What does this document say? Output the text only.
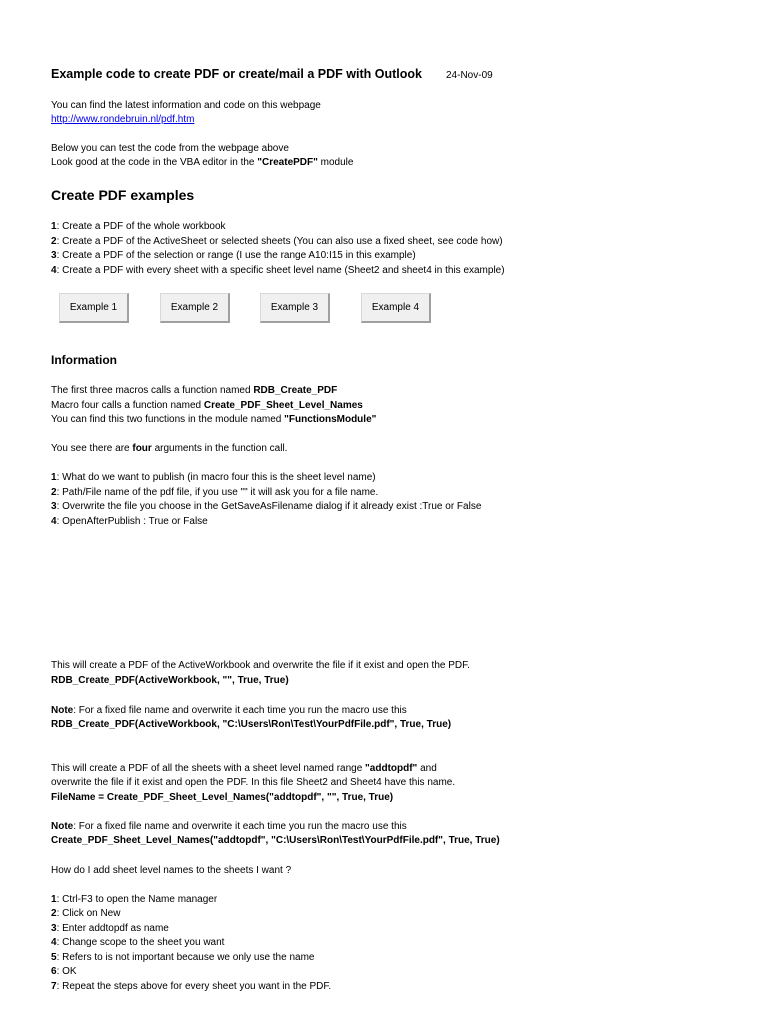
Example code to create PDF or create/mail a PDF with Outlook 24-Nov-09
You can find the latest information and code on this webpage
http://www.rondebruin.nl/pdf.htm
Below you can test the code from the webpage above
Look good at the code in the VBA editor in the "CreatePDF" module
Create PDF examples
1: Create a PDF of the whole workbook
2: Create a PDF of the ActiveSheet or selected sheets (You can also use a fixed sheet, see code how)
3: Create a PDF of the selection or range (I use the range A10:I15 in this example)
4: Create a PDF with every sheet with a specific sheet level name (Sheet2 and sheet4 in this example)
Example 1	Example 2	Example 3	Example 4
Information
The first three macros calls a function named RDB_Create_PDF
Macro four calls a function named Create_PDF_Sheet_Level_Names
You can find this two functions in the module named "FunctionsModule"
You see there are four arguments in the function call.
1: What do we want to publish (in macro four this is the sheet level name)
2: Path/File name of the pdf file, if you use "" it will ask you for a file name.
3: Overwrite the file you choose in the GetSaveAsFilename dialog if it already exist :True or False
4: OpenAfterPublish : True or False
This will create a PDF of the ActiveWorkbook and overwrite the file if it exist and open the PDF.
RDB_Create_PDF(ActiveWorkbook, "", True, True)
Note: For a fixed file name and overwrite it each time you run the macro use this
RDB_Create_PDF(ActiveWorkbook, "C:\Users\Ron\Test\YourPdfFile.pdf", True, True)
This will create a PDF of all the sheets with a sheet level named range "addtopdf" and
overwrite the file if it exist and open the PDF. In this file Sheet2 and Sheet4 have this name.
FileName = Create_PDF_Sheet_Level_Names("addtopdf", "", True, True)
Note: For a fixed file name and overwrite it each time you run the macro use this
Create_PDF_Sheet_Level_Names("addtopdf", "C:\Users\Ron\Test\YourPdfFile.pdf", True, True)
How do I add sheet level names to the sheets I want ?
1: Ctrl-F3 to open the Name manager
2: Click on New
3: Enter addtopdf as name
4: Change scope to the sheet you want
5: Refers to is not important because we only use the name
6: OK
7: Repeat the steps above for every sheet you want in the PDF.
